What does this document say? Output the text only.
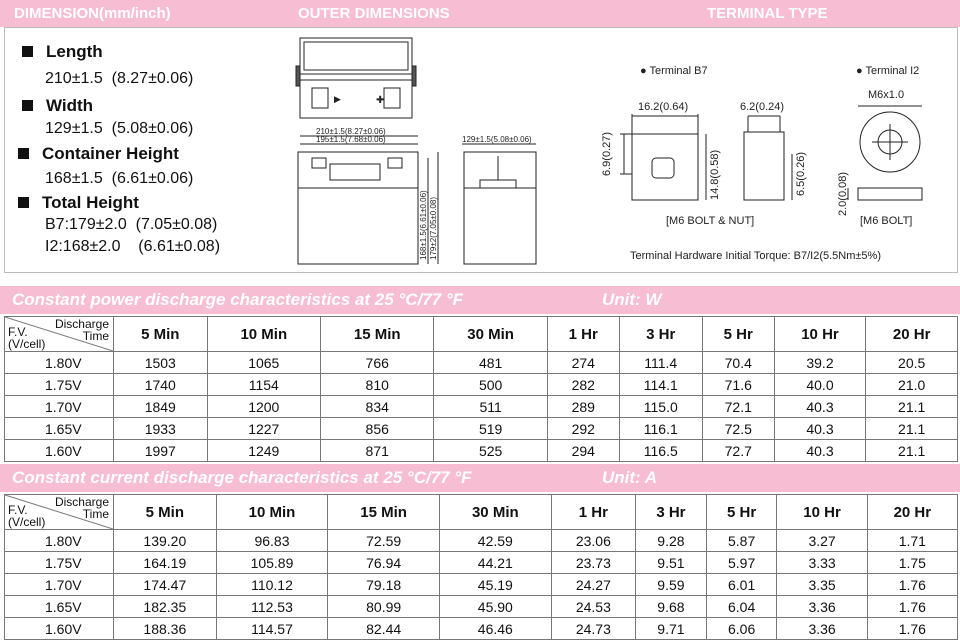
DIMENSION(mm/inch)	OUTER DIMENSIONS	TERMINAL TYPE
Length
210±1.5 (8.27±0.06)
Width
129±1.5 (5.08±0.06)
Container Height
168±1.5 (6.61±0.06)
Total Height
B7:179±2.0 (7.05±0.08)
I2:168±2.0 (6.61±0.08)
▶	✚
210±1.5(8.27±0.06)
195±1.5(7.68±0.06)
168±1.5(6.61±0.06) 179±2(7.05±0.08)
129±1.5(5.08±0.06)
● Terminal B7	● Terminal I2
16.2(0.64)	6.2(0.24)
6.9(0.27)	14.8(0.58)	6.5(0.26)
[M6 BOLT & NUT]
M6x1.0
2.0(0.08)
[M6 BOLT]
Terminal Hardware Initial Torque: B7/I2(5.5Nm±5%)
Constant power discharge characteristics at 25 °C/77 °F	Unit: W
Discharge
Time
F.V.
(V/cell)	5 Min	10 Min	15 Min	30 Min	1 Hr	3 Hr	5 Hr	10 Hr	20 Hr
1.80V	1503	1065	766	481	274	111.4	70.4	39.2	20.5
1.75V	1740	1154	810	500	282	114.1	71.6	40.0	21.0
1.70V	1849	1200	834	511	289	115.0	72.1	40.3	21.1
1.65V	1933	1227	856	519	292	116.1	72.5	40.3	21.1
1.60V	1997	1249	871	525	294	116.5	72.7	40.3	21.1
Constant current discharge characteristics at 25 °C/77 °F	Unit: A
Discharge
Time
F.V.
(V/cell)	5 Min	10 Min	15 Min	30 Min	1 Hr	3 Hr	5 Hr	10 Hr	20 Hr
1.80V	139.20	96.83	72.59	42.59	23.06	9.28	5.87	3.27	1.71
1.75V	164.19	105.89	76.94	44.21	23.73	9.51	5.97	3.33	1.75
1.70V	174.47	110.12	79.18	45.19	24.27	9.59	6.01	3.35	1.76
1.65V	182.35	112.53	80.99	45.90	24.53	9.68	6.04	3.36	1.76
1.60V	188.36	114.57	82.44	46.46	24.73	9.71	6.06	3.36	1.76
